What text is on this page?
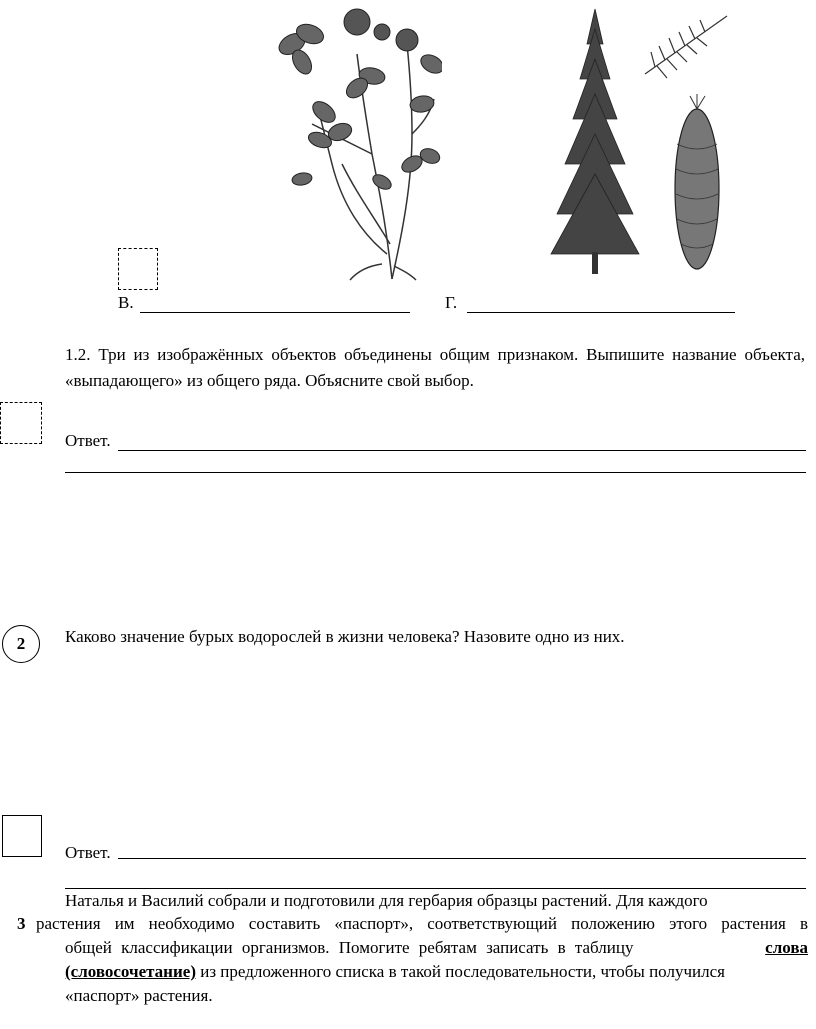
В.	Г.
1.2. Три из изображённых объектов объединены общим признаком. Выпишите название объекта, «выпадающего» из общего ряда. Объясните свой выбор.
Ответ.
2 Каково значение бурых водорослей в жизни человека? Назовите одно из них.
Ответ.
3
Наталья и Василий собрали и подготовили для гербария образцы растений. Для каждого
растения им необходимо составить «паспорт», соответствующий положению этого растения в
общей классификации организмов. Помогите ребятам записать в таблицу	слова
(словосочетание) из предложенного списка в такой последовательности, чтобы получился
«паспорт» растения.
